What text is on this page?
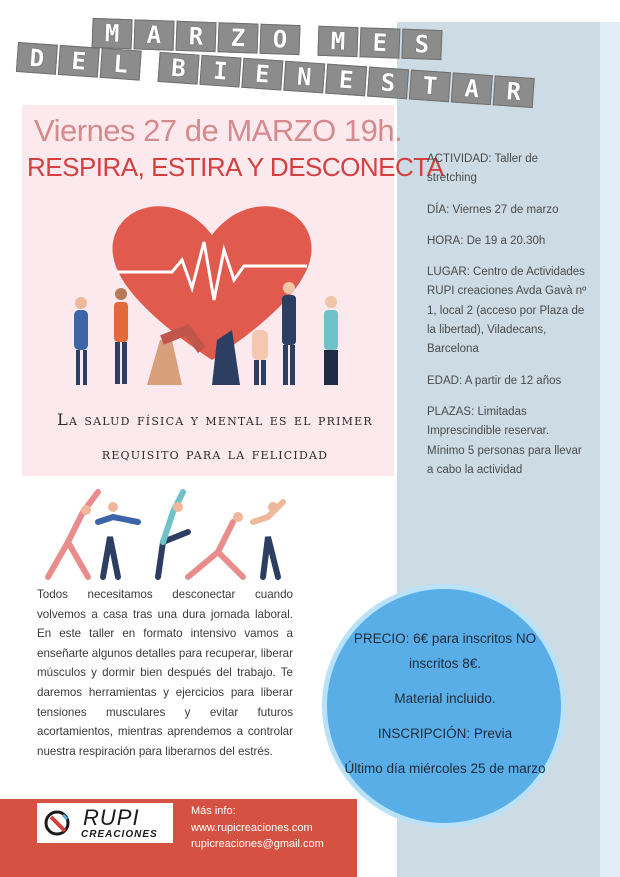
M	A	R	Z	O	M	E	S
D	E	L	B	I	E	N	E	S	T	A	R
Viernes 27 de MARZO 19h.
RESPIRA, ESTIRA Y DESCONECTA
La salud física y mental es el primer
requisito para la felicidad
Todos necesitamos desconectar cuando volvemos a casa tras una dura jornada laboral. En este taller en formato intensivo vamos a enseñarte algunos detalles para recuperar, liberar músculos y dormir bien después del trabajo. Te daremos herramientas y ejercicios para liberar tensiones musculares y evitar futuros acortamientos, mientras aprendemos a controlar nuestra respiración para liberarnos del estrés.

ACTIVIDAD: Taller de stretching

DÍA: Viernes 27 de marzo

HORA: De 19 a 20.30h

LUGAR: Centro de Actividades RUPI creaciones Avda Gavà nº 1, local 2 (acceso por Plaza de la libertad), Viladecans, Barcelona

EDAD: A partir de 12 años

PLAZAS: Limitadas Imprescindible reservar. Mínimo 5 personas para llevar a cabo la actividad

PRECIO: 6€ para inscritos NO inscritos 8€.

Material incluido.

INSCRIPCIÓN: Previa

Último día miércoles 25 de marzo

RUPI
CREACIONES
Más info:
www.rupicreaciones.com
rupicreaciones@gmail.com
